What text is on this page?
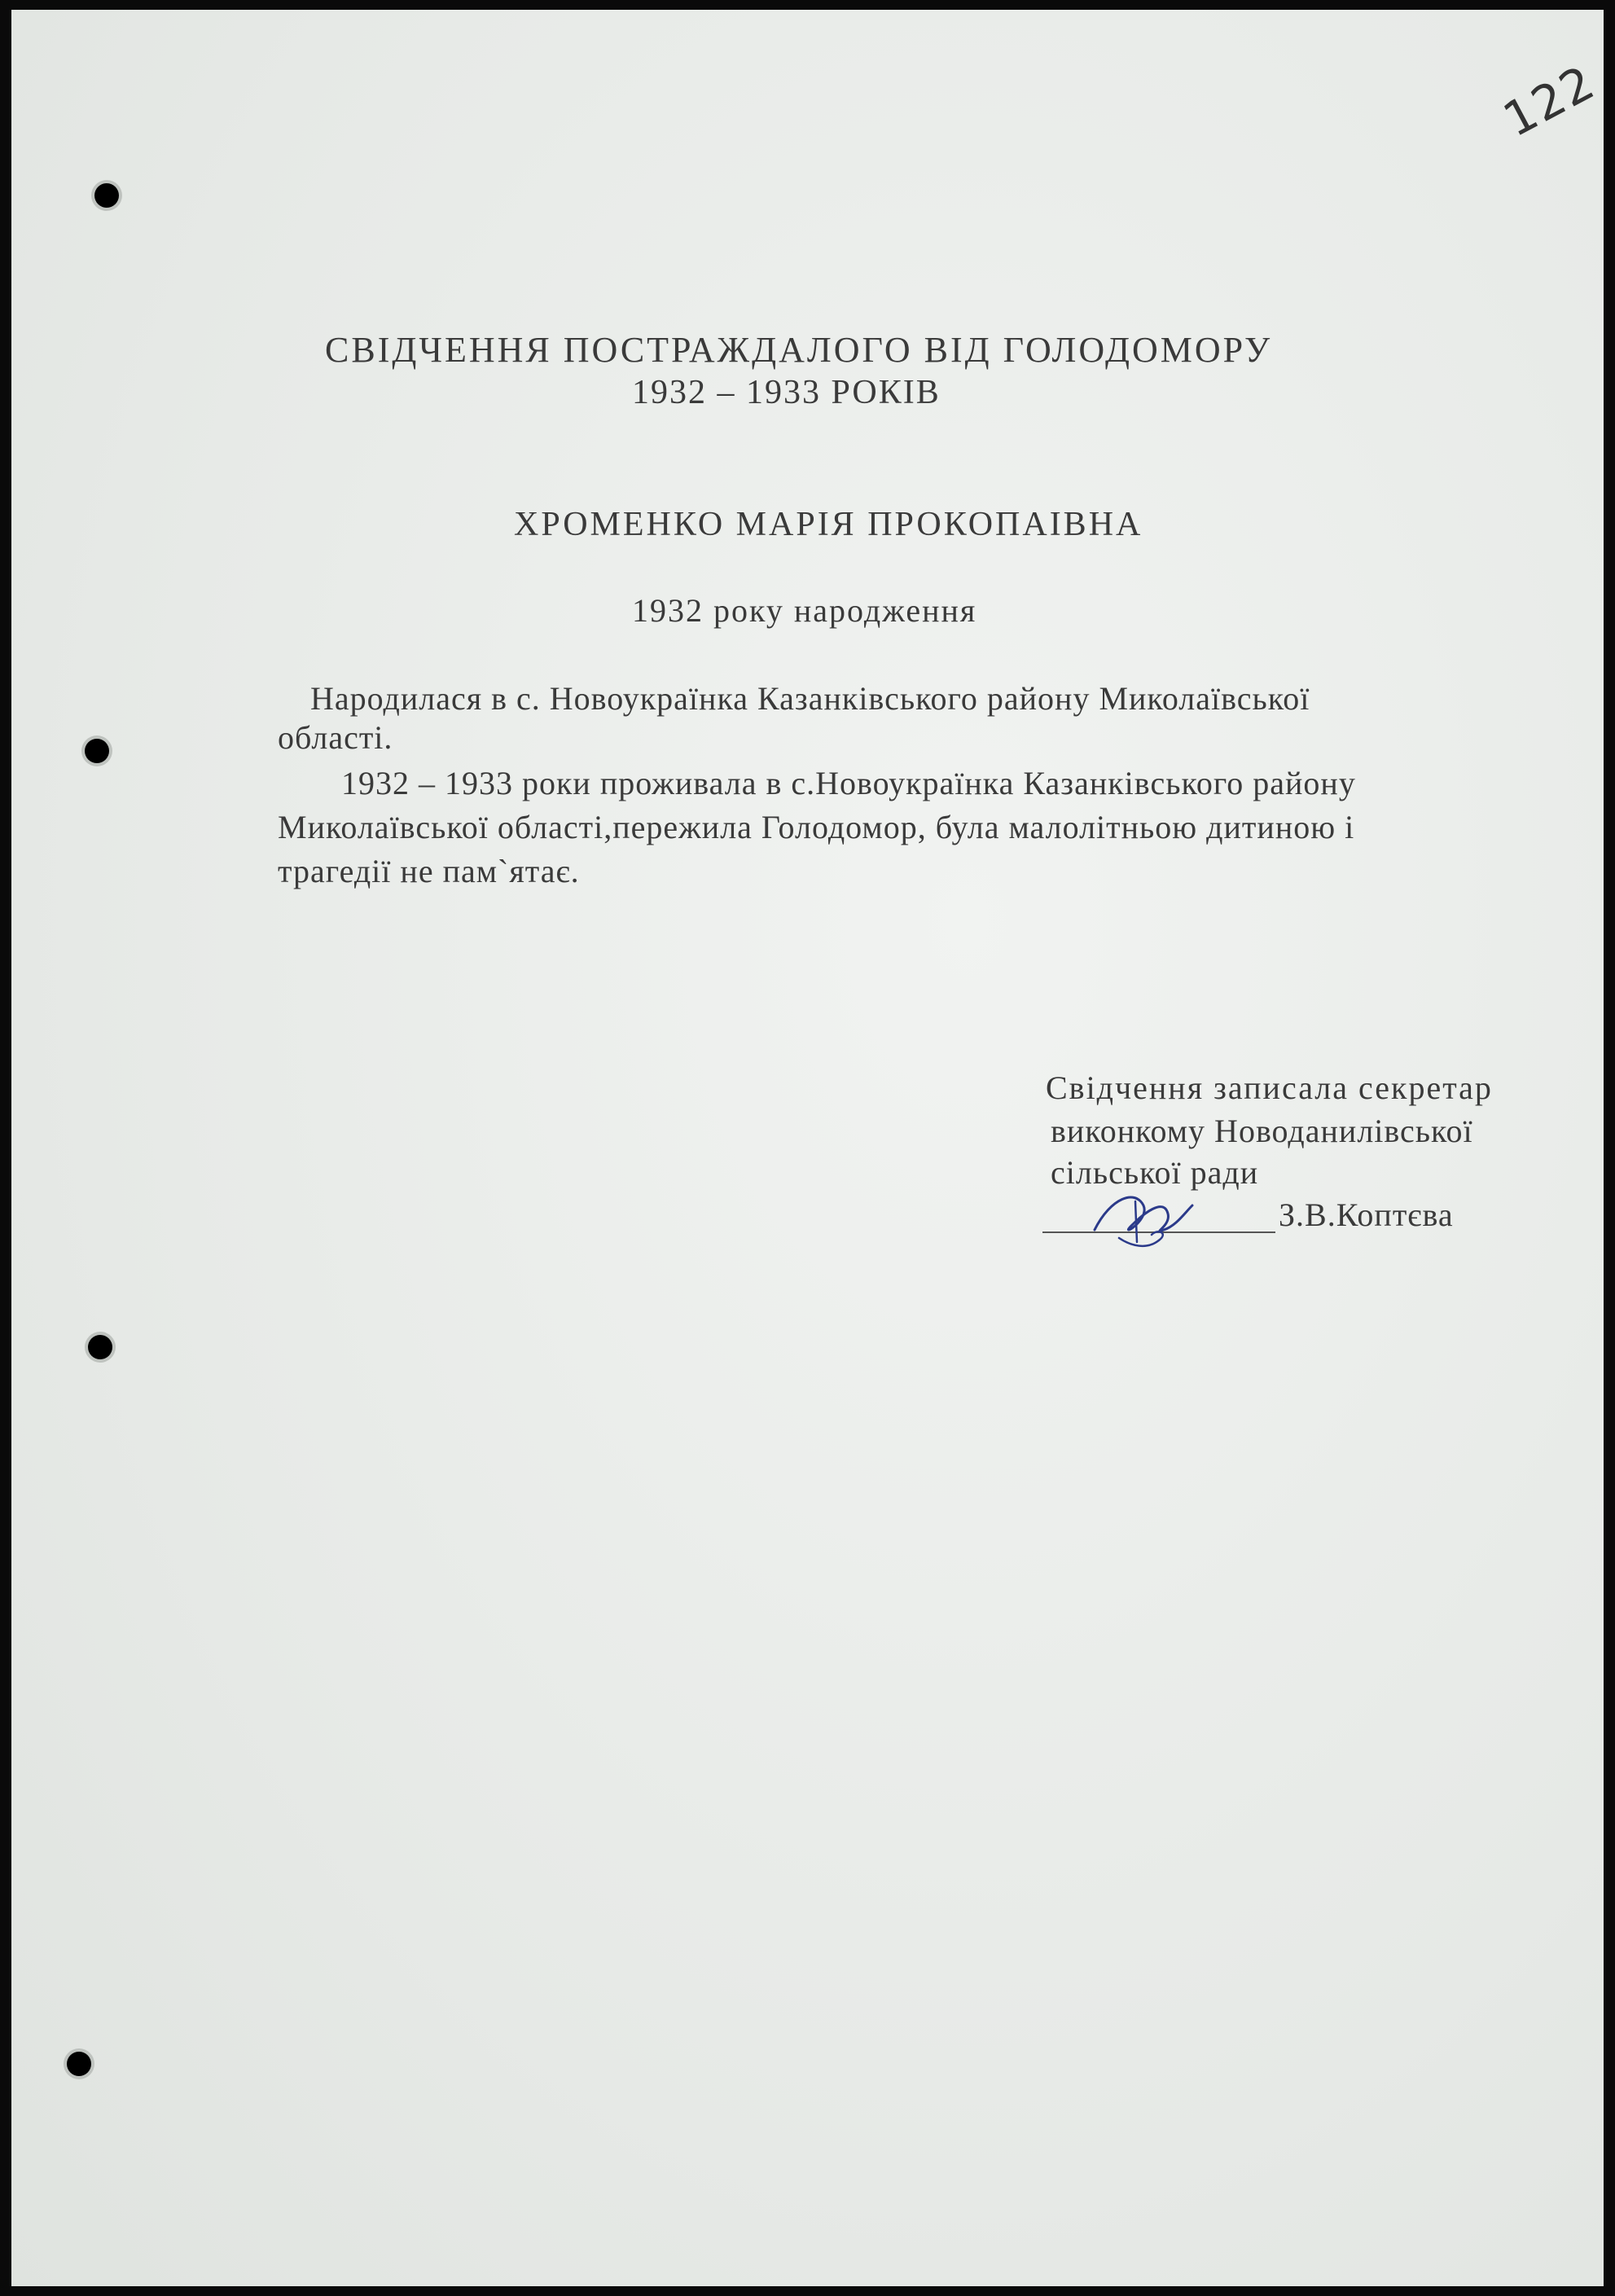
122
СВІДЧЕННЯ ПОСТРАЖДАЛОГО ВІД ГОЛОДОМОРУ
1932 – 1933 РОКІВ
ХРОМЕНКО МАРІЯ ПРОКОПАІВНА
1932 року народження
Народилася в с. Новоукраїнка Казанківського району Миколаївської
області.
1932 – 1933 роки проживала в с.Новоукраїнка Казанківського району
Миколаївської області,пережила Голодомор, була малолітньою дитиною і
трагедії не пам`ятає.
Свідчення записала секретар
виконкому Новоданилівської
сільської ради
З.В.Коптєва
